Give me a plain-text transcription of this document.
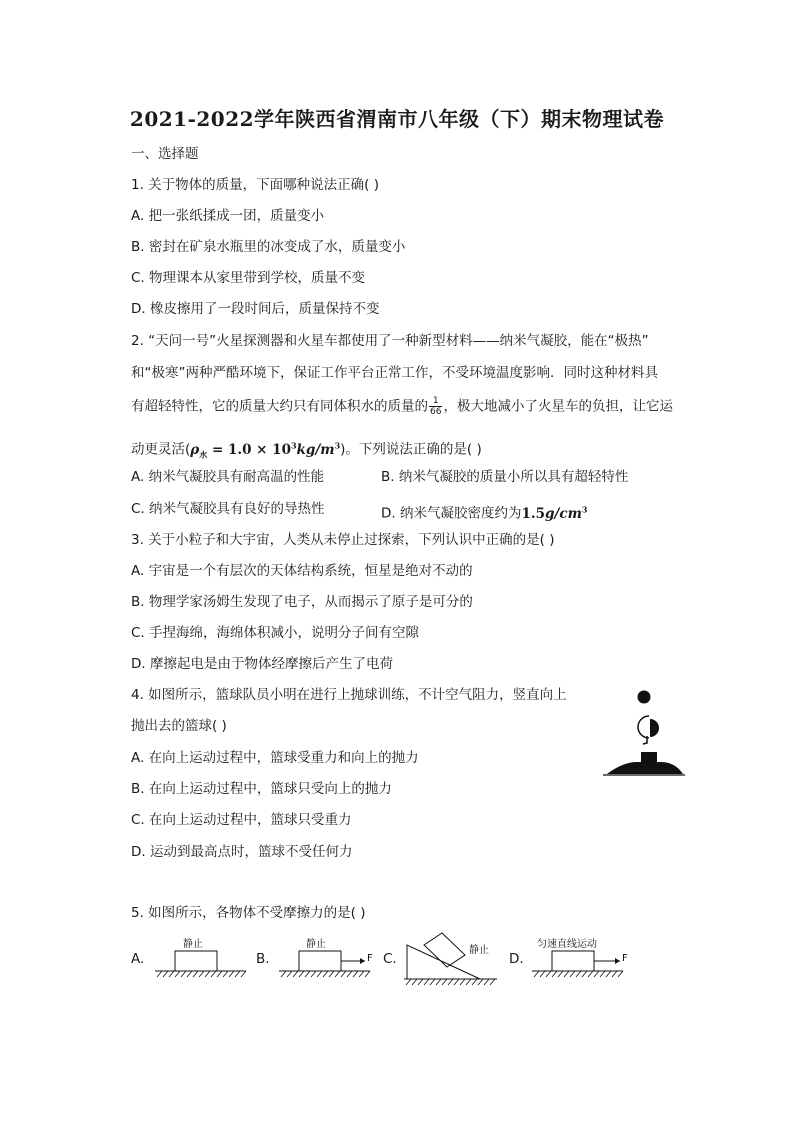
2021-2022学年陕西省渭南市八年级（下）期末物理试卷
一、选择题
1. 关于物体的质量，下面哪种说法正确( )
A. 把一张纸揉成一团，质量变小
B. 密封在矿泉水瓶里的冰变成了水，质量变小
C. 物理课本从家里带到学校，质量不变
D. 橡皮擦用了一段时间后，质量保持不变
2. “天问一号”火星探测器和火星车都使用了一种新型材料——纳米气凝胶，能在“极热”
和“极寒”两种严酷环境下，保证工作平台正常工作，不受环境温度影响．同时这种材料具
有超轻特性，它的质量大约只有同体积水的质量的 $\frac{1}{66}$ ，极大地减小了火星车的负担，让它运
动更灵活$(\rho_水 = 1.0 \times 10^3kg/m^3)$。下列说法正确的是( )
A. 纳米气凝胶具有耐高温的性能	B. 纳米气凝胶的质量小所以具有超轻特性
C. 纳米气凝胶具有良好的导热性	D. 纳米气凝胶密度约为$1.5g/cm^3$
3. 关于小粒子和大宇宙，人类从未停止过探索，下列认识中正确的是( )
A. 宇宙是一个有层次的天体结构系统，恒星是绝对不动的
B. 物理学家汤姆生发现了电子，从而揭示了原子是可分的
C. 手捏海绵，海绵体积减小，说明分子间有空隙
D. 摩擦起电是由于物体经摩擦后产生了电荷
4. 如图所示，篮球队员小明在进行上抛球训练，不计空气阻力，竖直向上
抛出去的篮球( )
A. 在向上运动过程中，篮球受重力和向上的抛力
B. 在向上运动过程中，篮球只受向上的抛力
C. 在向上运动过程中，篮球只受重力
D. 运动到最高点时，篮球不受任何力
5. 如图所示，各物体不受摩擦力的是( )
A.	B.	C.	D.
静止	静止
F
静止
匀速直线运动
F
